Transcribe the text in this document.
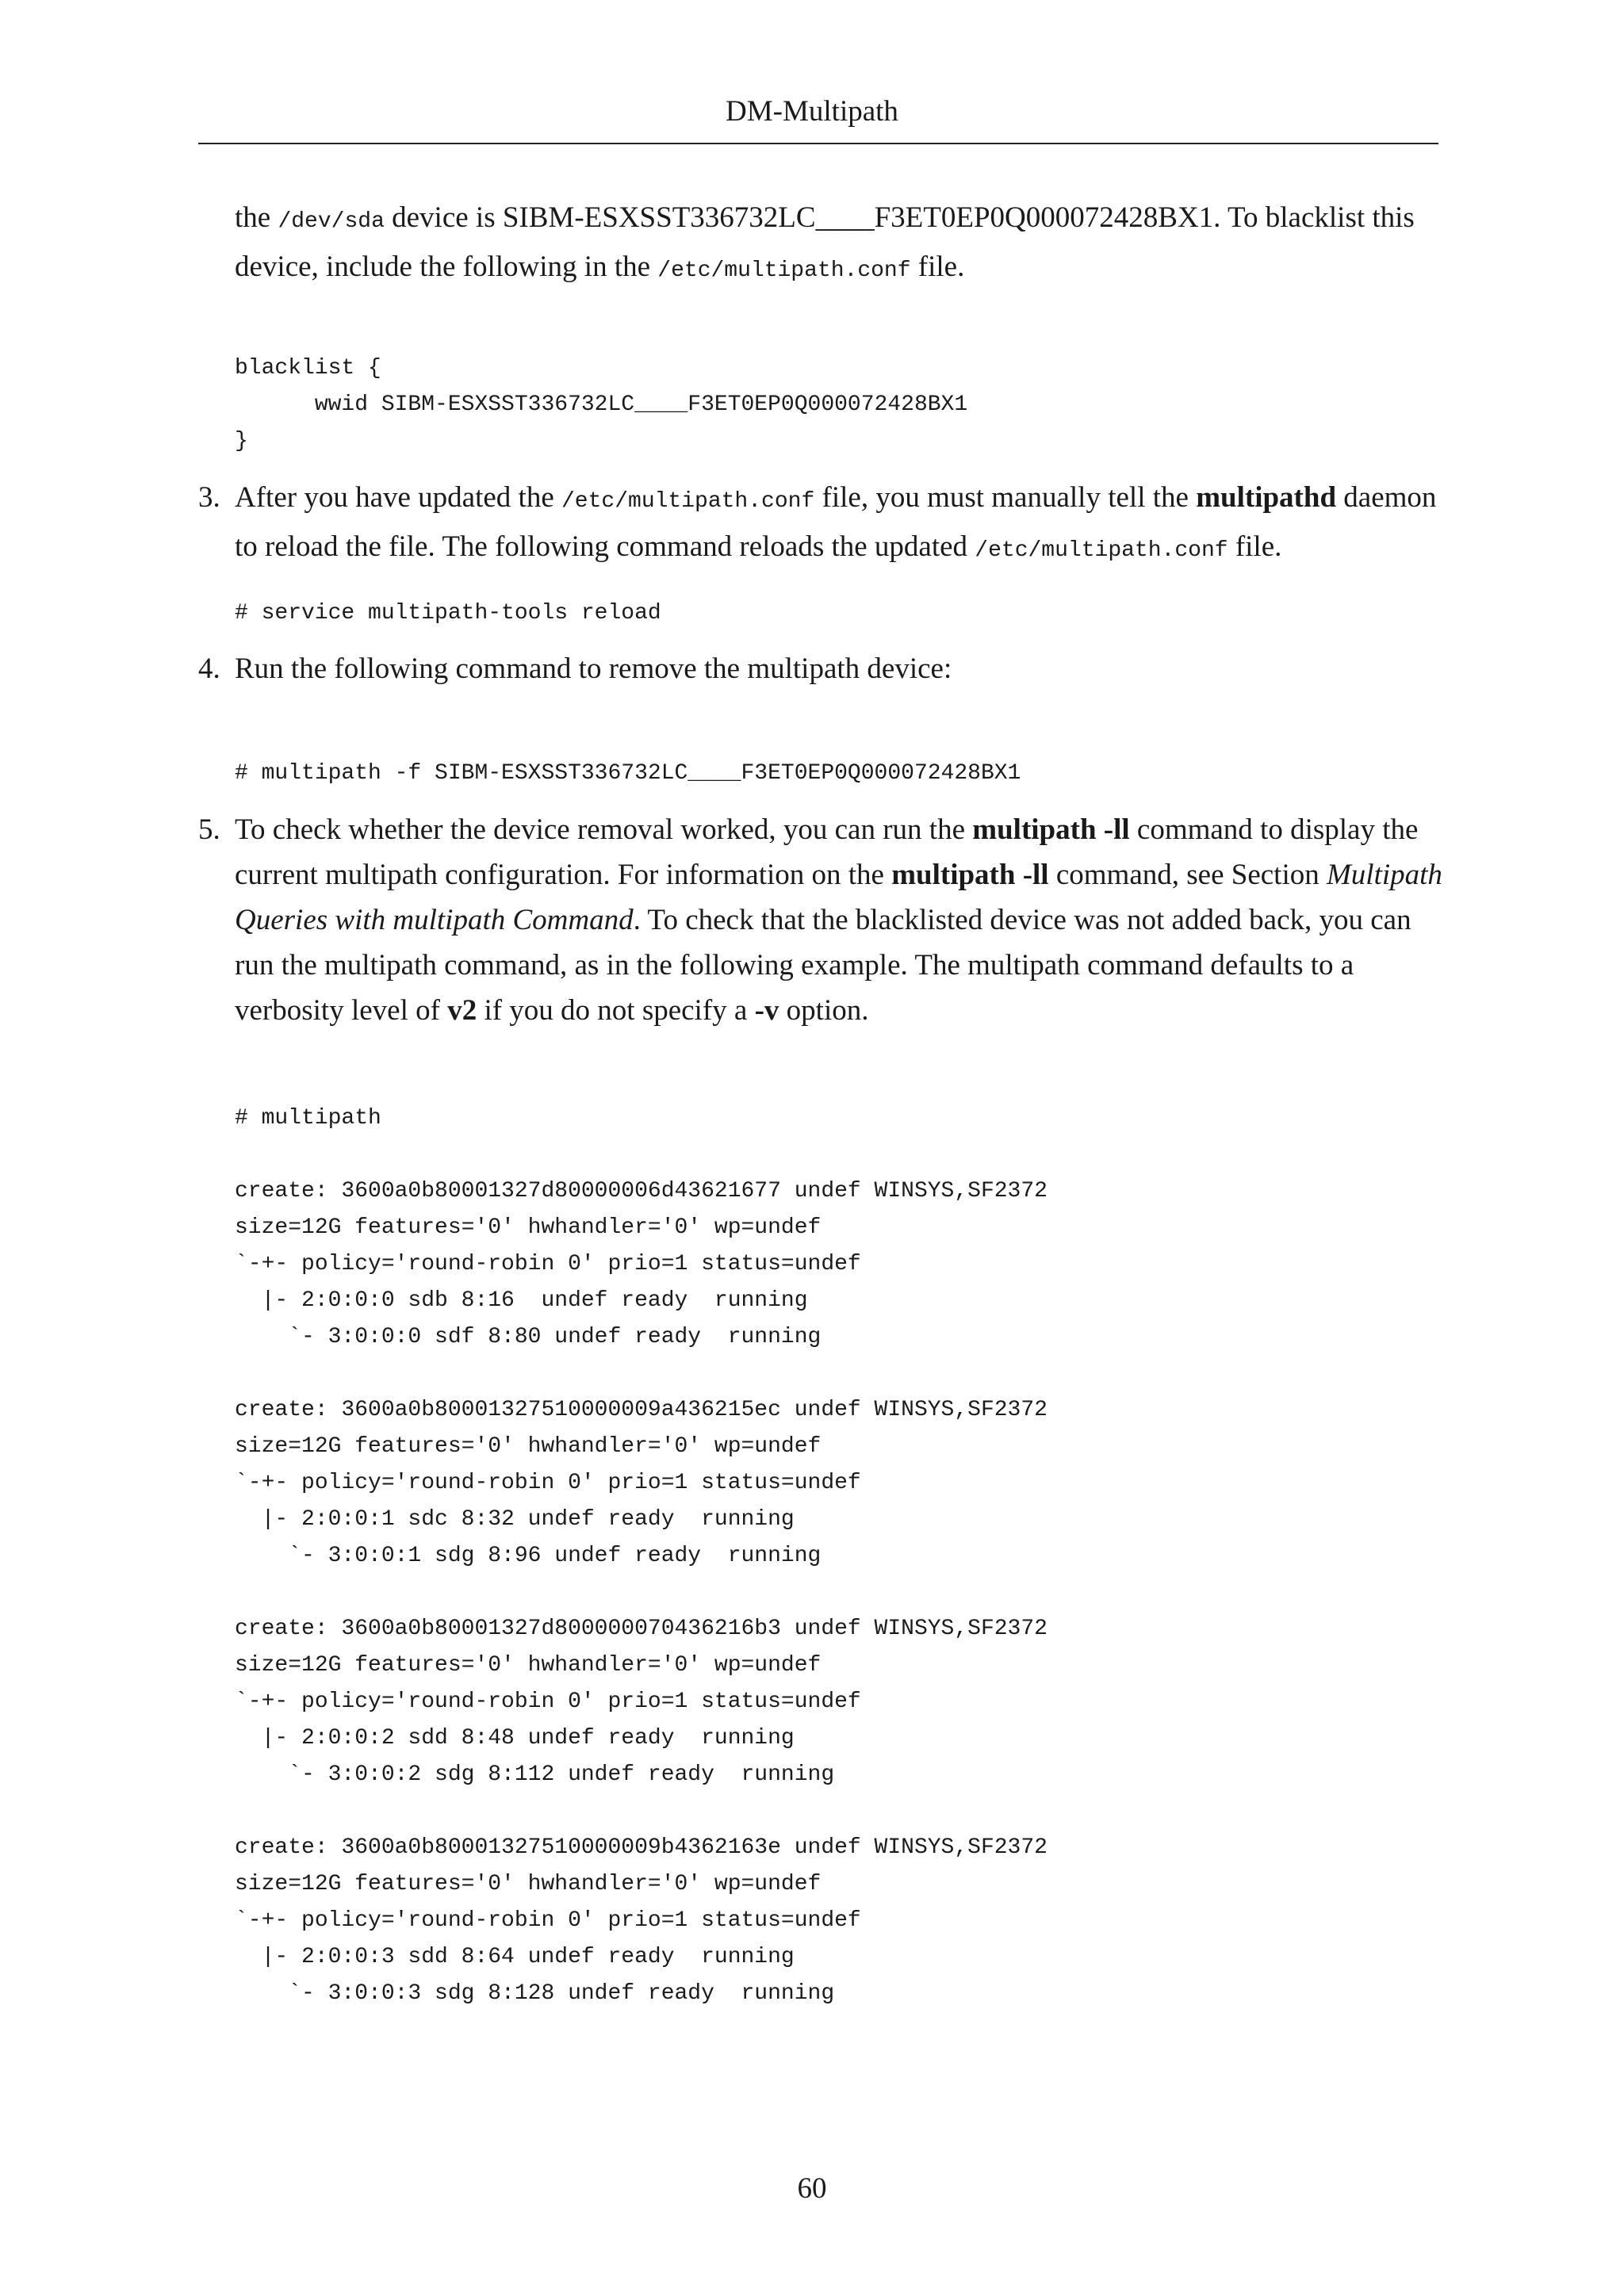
DM-Multipath
the /dev/sda device is SIBM-ESXSST336732LC____F3ET0EP0Q000072428BX1. To blacklist this device, include the following in the /etc/multipath.conf file.
blacklist {
wwid SIBM-ESXSST336732LC____F3ET0EP0Q000072428BX1
}
3. After you have updated the /etc/multipath.conf file, you must manually tell the multipathd daemon to reload the file. The following command reloads the updated /etc/multipath.conf file.
# service multipath-tools reload
4. Run the following command to remove the multipath device:
# multipath -f SIBM-ESXSST336732LC____F3ET0EP0Q000072428BX1
5. To check whether the device removal worked, you can run the multipath -ll command to display the current multipath configuration. For information on the multipath -ll command, see Section Multipath Queries with multipath Command. To check that the blacklisted device was not added back, you can run the multipath command, as in the following example. The multipath command defaults to a verbosity level of v2 if you do not specify a -v option.
# multipath
create: 3600a0b80001327d80000006d43621677 undef WINSYS,SF2372
size=12G features='0' hwhandler='0' wp=undef
`-+- policy='round-robin 0' prio=1 status=undef
|- 2:0:0:0 sdb 8:16  undef ready  running
`- 3:0:0:0 sdf 8:80 undef ready  running
create: 3600a0b80001327510000009a436215ec undef WINSYS,SF2372
size=12G features='0' hwhandler='0' wp=undef
`-+- policy='round-robin 0' prio=1 status=undef
|- 2:0:0:1 sdc 8:32 undef ready  running
`- 3:0:0:1 sdg 8:96 undef ready  running
create: 3600a0b80001327d800000070436216b3 undef WINSYS,SF2372
size=12G features='0' hwhandler='0' wp=undef
`-+- policy='round-robin 0' prio=1 status=undef
|- 2:0:0:2 sdd 8:48 undef ready  running
`- 3:0:0:2 sdg 8:112 undef ready  running
create: 3600a0b80001327510000009b4362163e undef WINSYS,SF2372
size=12G features='0' hwhandler='0' wp=undef
`-+- policy='round-robin 0' prio=1 status=undef
|- 2:0:0:3 sdd 8:64 undef ready  running
`- 3:0:0:3 sdg 8:128 undef ready  running
60
